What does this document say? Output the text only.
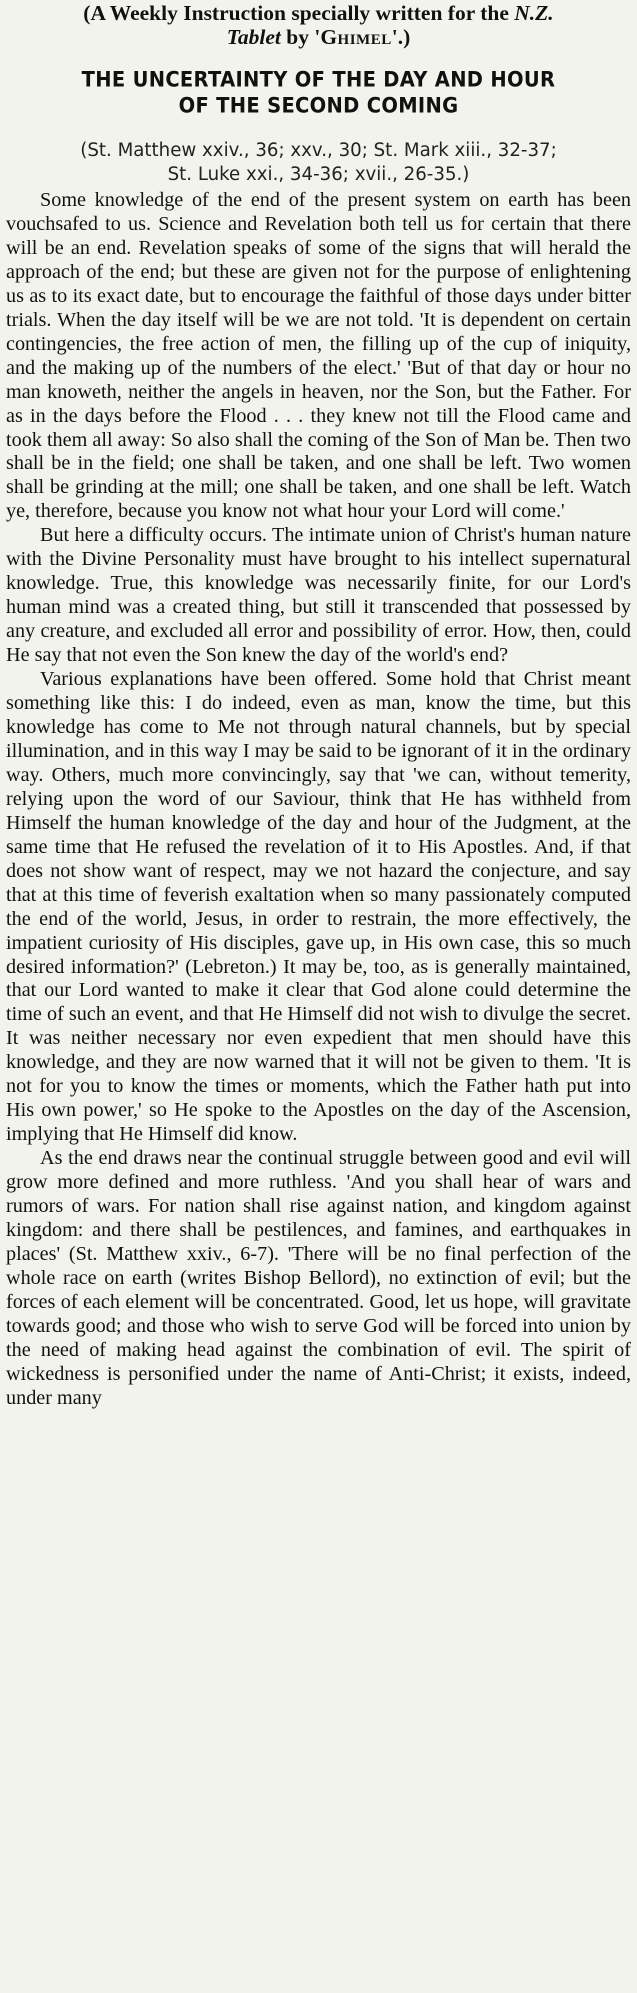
(A Weekly Instruction specially written for the N.Z.
Tablet by 'Ghimel'.)

THE UNCERTAINTY OF THE DAY AND HOUR
OF THE SECOND COMING
(St. Matthew xxiv., 36; xxv., 30; St. Mark xiii., 32-37;
St. Luke xxi., 34-36; xvii., 26-35.)

Some knowledge of the end of the present system on earth has been vouchsafed to us. Science and Revelation both tell us for certain that there will be an end. Revelation speaks of some of the signs that will herald the approach of the end; but these are given not for the purpose of enlightening us as to its exact date, but to encourage the faithful of those days under bitter trials. When the day itself will be we are not told. 'It is dependent on certain contingencies, the free action of men, the filling up of the cup of iniquity, and the making up of the numbers of the elect.' 'But of that day or hour no man knoweth, neither the angels in heaven, nor the Son, but the Father. For as in the days before the Flood . . . they knew not till the Flood came and took them all away: So also shall the coming of the Son of Man be. Then two shall be in the field; one shall be taken, and one shall be left. Two women shall be grinding at the mill; one shall be taken, and one shall be left. Watch ye, therefore, because you know not what hour your Lord will come.'

But here a difficulty occurs. The intimate union of Christ's human nature with the Divine Personality must have brought to his intellect supernatural knowledge. True, this knowledge was necessarily finite, for our Lord's human mind was a created thing, but still it transcended that possessed by any creature, and excluded all error and possibility of error. How, then, could He say that not even the Son knew the day of the world's end?

Various explanations have been offered. Some hold that Christ meant something like this: I do indeed, even as man, know the time, but this knowledge has come to Me not through natural channels, but by special illumination, and in this way I may be said to be ignorant of it in the ordinary way. Others, much more convincingly, say that 'we can, without temerity, relying upon the word of our Saviour, think that He has withheld from Himself the human knowledge of the day and hour of the Judgment, at the same time that He refused the revelation of it to His Apostles. And, if that does not show want of respect, may we not hazard the conjecture, and say that at this time of feverish exaltation when so many passionately computed the end of the world, Jesus, in order to restrain, the more effectively, the impatient curiosity of His disciples, gave up, in His own case, this so much desired information?' (Lebreton.) It may be, too, as is generally maintained, that our Lord wanted to make it clear that God alone could determine the time of such an event, and that He Himself did not wish to divulge the secret. It was neither necessary nor even expedient that men should have this knowledge, and they are now warned that it will not be given to them. 'It is not for you to know the times or moments, which the Father hath put into His own power,' so He spoke to the Apostles on the day of the Ascension, implying that He Himself did know.

As the end draws near the continual struggle between good and evil will grow more defined and more ruthless. 'And you shall hear of wars and rumors of wars. For nation shall rise against nation, and kingdom against kingdom: and there shall be pestilences, and famines, and earthquakes in places' (St. Matthew xxiv., 6-7). 'There will be no final perfection of the whole race on earth (writes Bishop Bellord), no extinction of evil; but the forces of each element will be concentrated. Good, let us hope, will gravitate towards good; and those who wish to serve God will be forced into union by the need of making head against the combination of evil. The spirit of wickedness is personified under the name of Anti-Christ; it exists, indeed, under many
